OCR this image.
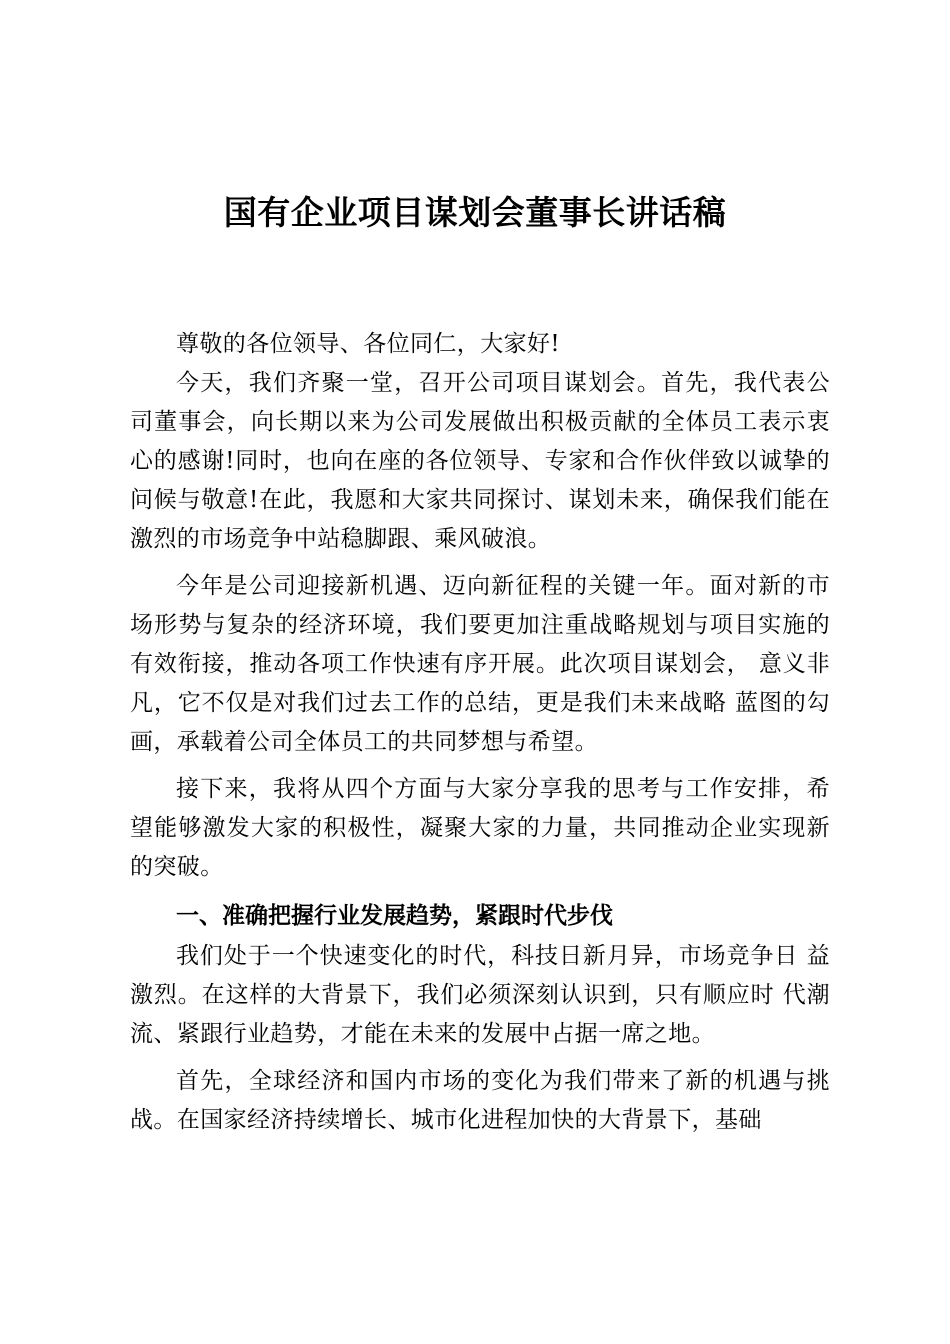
国有企业项目谋划会董事长讲话稿

尊敬的各位领导、各位同仁，大家好!

今天，我们齐聚一堂，召开公司项目谋划会。首先，我代表公司董事会，向长期以来为公司发展做出积极贡献的全体员工表示衷心的感谢!同时，也向在座的各位领导、专家和合作伙伴致以诚挚的问候与敬意!在此，我愿和大家共同探讨、谋划未来，确保我们能在激烈的市场竞争中站稳脚跟、乘风破浪。

今年是公司迎接新机遇、迈向新征程的关键一年。面对新的市场形势与复杂的经济环境，我们要更加注重战略规划与项目实施的有效衔接，推动各项工作快速有序开展。此次项目谋划会， 意义非凡，它不仅是对我们过去工作的总结，更是我们未来战略 蓝图的勾画，承载着公司全体员工的共同梦想与希望。

接下来，我将从四个方面与大家分享我的思考与工作安排，希望能够激发大家的积极性，凝聚大家的力量，共同推动企业实现新的突破。

一、准确把握行业发展趋势，紧跟时代步伐

我们处于一个快速变化的时代，科技日新月异，市场竞争日 益激烈。在这样的大背景下，我们必须深刻认识到，只有顺应时 代潮流、紧跟行业趋势，才能在未来的发展中占据一席之地。

首先，全球经济和国内市场的变化为我们带来了新的机遇与挑战。在国家经济持续增长、城市化进程加快的大背景下，基础
